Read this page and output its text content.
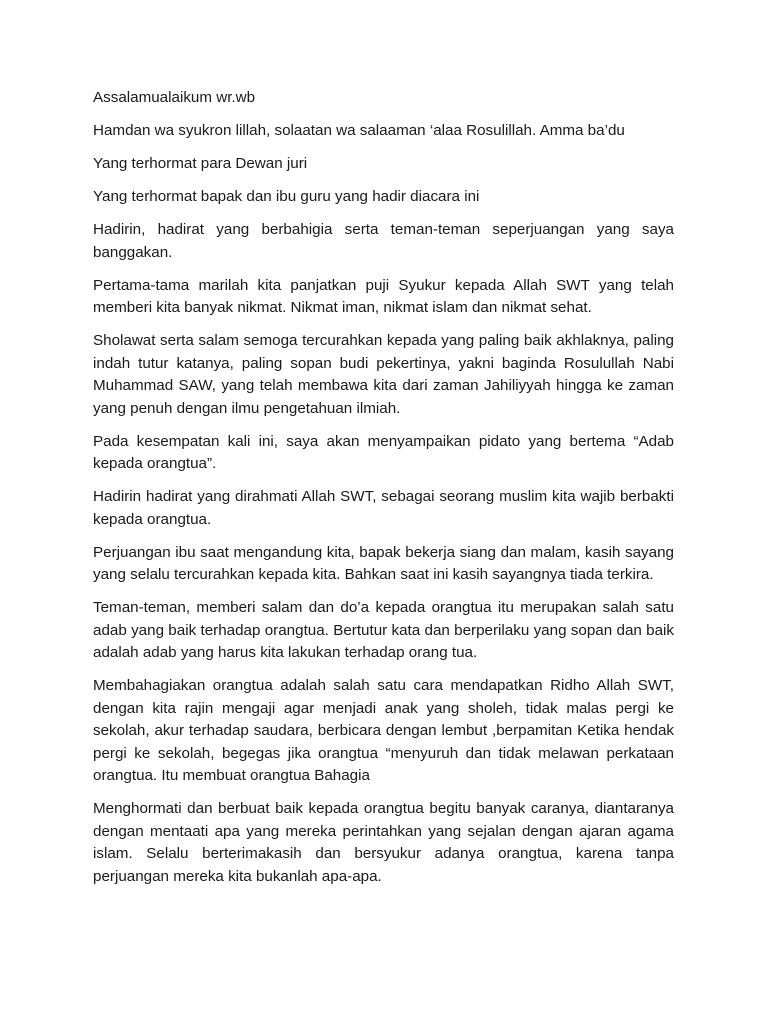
Assalamualaikum wr.wb

Hamdan wa syukron lillah, solaatan wa salaaman ‘alaa Rosulillah. Amma ba’du

Yang terhormat para Dewan juri

Yang terhormat bapak dan ibu guru yang hadir diacara ini

Hadirin, hadirat yang berbahigia serta teman-teman seperjuangan yang saya banggakan.

Pertama-tama marilah kita panjatkan puji Syukur kepada Allah SWT yang telah memberi kita banyak nikmat. Nikmat iman, nikmat islam dan nikmat sehat.

Sholawat serta salam semoga tercurahkan kepada yang paling baik akhlaknya, paling indah tutur katanya, paling sopan budi pekertinya, yakni baginda Rosulullah Nabi Muhammad SAW, yang telah membawa kita dari zaman Jahiliyyah hingga ke zaman yang penuh dengan ilmu pengetahuan ilmiah.

Pada kesempatan kali ini, saya akan menyampaikan pidato yang bertema “Adab kepada orangtua”.

Hadirin hadirat yang dirahmati Allah SWT, sebagai seorang muslim kita wajib berbakti kepada orangtua.

Perjuangan ibu saat mengandung kita, bapak bekerja siang dan malam, kasih sayang yang selalu tercurahkan kepada kita. Bahkan saat ini kasih sayangnya tiada terkira.

Teman-teman, memberi salam dan do’a kepada orangtua itu merupakan salah satu adab yang baik terhadap orangtua. Bertutur kata dan berperilaku yang sopan dan baik adalah adab yang harus kita lakukan terhadap orang tua.

Membahagiakan orangtua adalah salah satu cara mendapatkan Ridho Allah SWT, dengan kita rajin mengaji agar menjadi anak yang sholeh, tidak malas pergi ke sekolah, akur terhadap saudara, berbicara dengan lembut ,berpamitan Ketika hendak pergi ke sekolah, begegas jika orangtua “menyuruh dan tidak melawan perkataan orangtua. Itu membuat orangtua Bahagia

Menghormati dan berbuat baik kepada orangtua begitu banyak caranya, diantaranya dengan mentaati apa yang mereka perintahkan yang sejalan dengan ajaran agama islam. Selalu berterimakasih dan bersyukur adanya orangtua, karena tanpa perjuangan mereka kita bukanlah apa-apa.
